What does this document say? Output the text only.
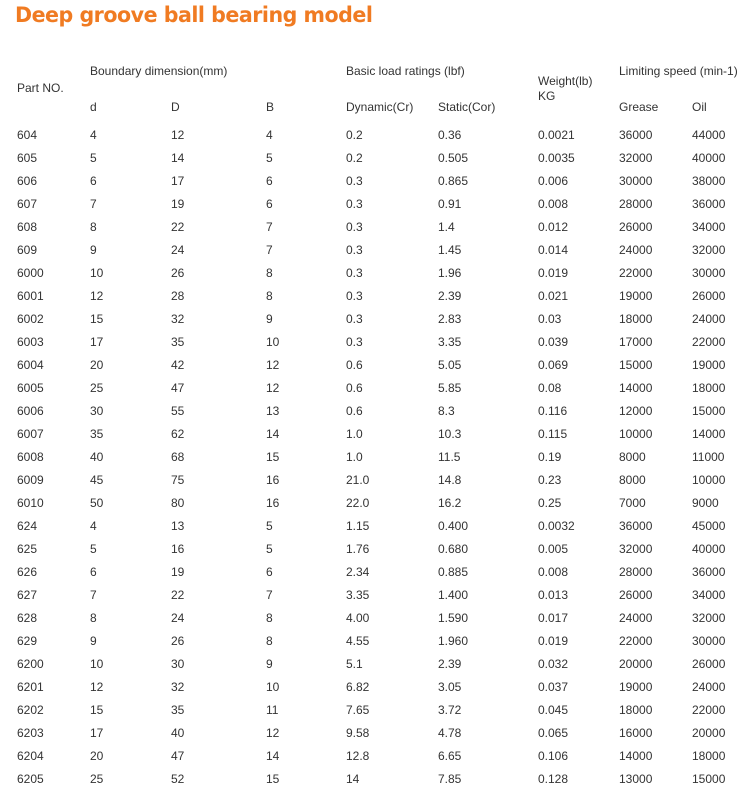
Deep groove ball bearing model
Part NO.
Boundary dimension(mm)
d	D	B
Basic load ratings (lbf)
Dynamic(Cr) Static(Cor)
Weight(lb)
KG
Limiting speed (min-1)
Grease	Oil
604	4	12	4	0.2	0.36	0.0021	36000	44000
605	5	14	5	0.2	0.505	0.0035	32000	40000
606	6	17	6	0.3	0.865	0.006	30000	38000
607	7	19	6	0.3	0.91	0.008	28000	36000
608	8	22	7	0.3	1.4	0.012	26000	34000
609	9	24	7	0.3	1.45	0.014	24000	32000
6000	10	26	8	0.3	1.96	0.019	22000	30000
6001	12	28	8	0.3	2.39	0.021	19000	26000
6002	15	32	9	0.3	2.83	0.03	18000	24000
6003	17	35	10	0.3	3.35	0.039	17000	22000
6004	20	42	12	0.6	5.05	0.069	15000	19000
6005	25	47	12	0.6	5.85	0.08	14000	18000
6006	30	55	13	0.6	8.3	0.116	12000	15000
6007	35	62	14	1.0	10.3	0.115	10000	14000
6008	40	68	15	1.0	11.5	0.19	8000	11000
6009	45	75	16	21.0	14.8	0.23	8000	10000
6010	50	80	16	22.0	16.2	0.25	7000	9000
624	4	13	5	1.15	0.400	0.0032	36000	45000
625	5	16	5	1.76	0.680	0.005	32000	40000
626	6	19	6	2.34	0.885	0.008	28000	36000
627	7	22	7	3.35	1.400	0.013	26000	34000
628	8	24	8	4.00	1.590	0.017	24000	32000
629	9	26	8	4.55	1.960	0.019	22000	30000
6200	10	30	9	5.1	2.39	0.032	20000	26000
6201	12	32	10	6.82	3.05	0.037	19000	24000
6202	15	35	11	7.65	3.72	0.045	18000	22000
6203	17	40	12	9.58	4.78	0.065	16000	20000
6204	20	47	14	12.8	6.65	0.106	14000	18000
6205	25	52	15	14	7.85	0.128	13000	15000
